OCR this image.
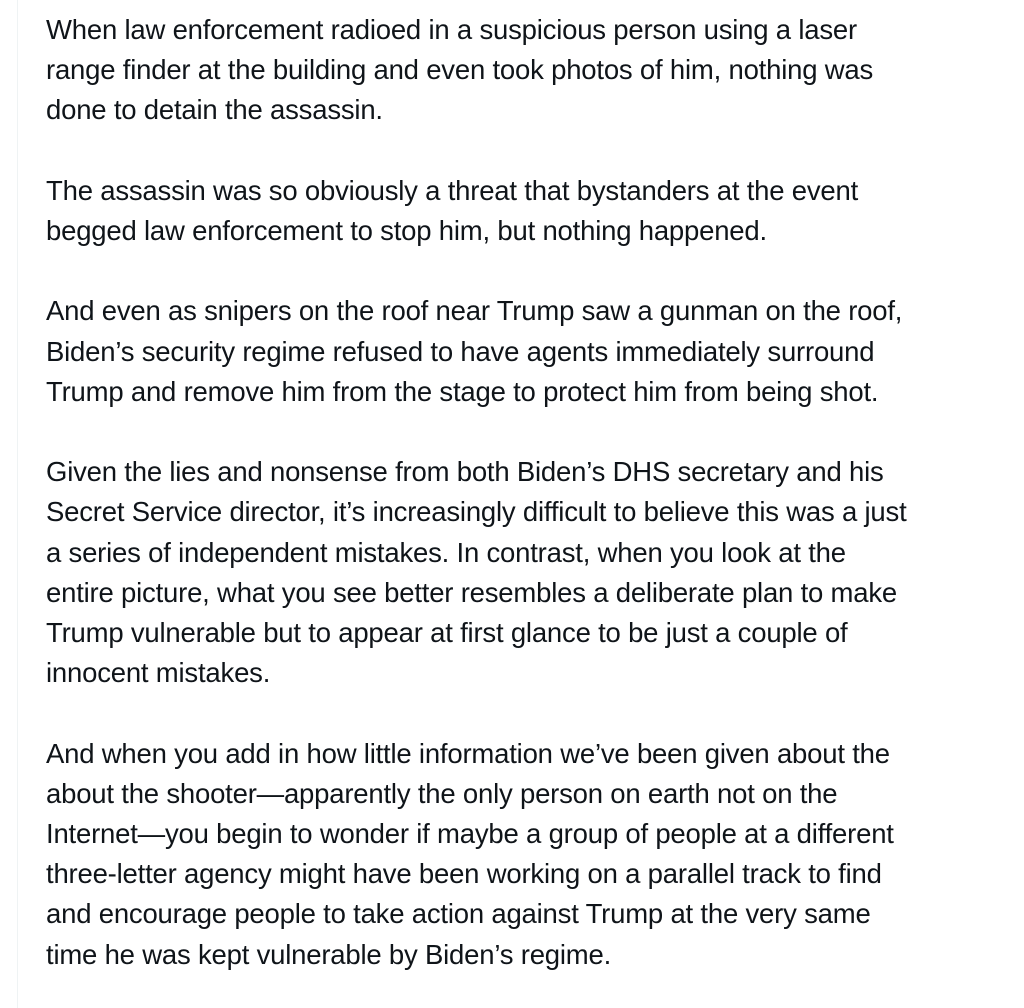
When law enforcement radioed in a suspicious person using a laser
range finder at the building and even took photos of him, nothing was
done to detain the assassin.

The assassin was so obviously a threat that bystanders at the event
begged law enforcement to stop him, but nothing happened.

And even as snipers on the roof near Trump saw a gunman on the roof,
Biden’s security regime refused to have agents immediately surround
Trump and remove him from the stage to protect him from being shot.

Given the lies and nonsense from both Biden’s DHS secretary and his
Secret Service director, it’s increasingly difficult to believe this was a just
a series of independent mistakes. In contrast, when you look at the
entire picture, what you see better resembles a deliberate plan to make
Trump vulnerable but to appear at first glance to be just a couple of
innocent mistakes.

And when you add in how little information we’ve been given about the
about the shooter—apparently the only person on earth not on the
Internet—you begin to wonder if maybe a group of people at a different
three-letter agency might have been working on a parallel track to find
and encourage people to take action against Trump at the very same
time he was kept vulnerable by Biden’s regime.
